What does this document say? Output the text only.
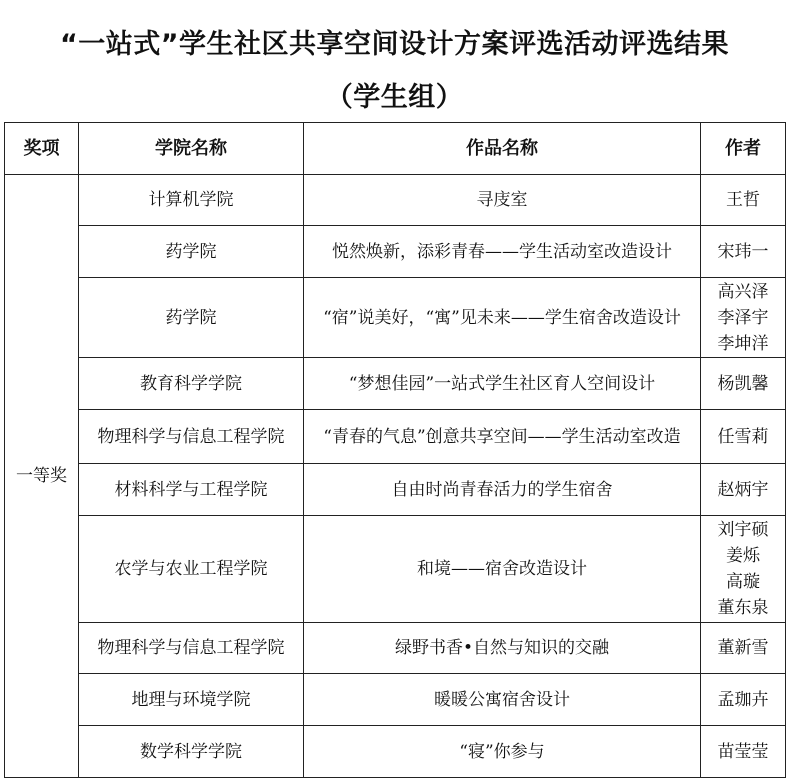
“一站式”学生社区共享空间设计方案评选活动评选结果
（学生组）
奖项	学院名称	作品名称	作者
一等奖	计算机学院	寻庋室	王哲
	药学院	悦然焕新，添彩青春——学生活动室改造设计	宋玮一
	药学院	“宿”说美好，“寓”见未来——学生宿舍改造设计	高兴泽
李泽宇
李坤洋

	教育科学学院	“梦想佳园”一站式学生社区育人空间设计	杨凯馨
	物理科学与信息工程学院	“青春的气息”创意共享空间——学生活动室改造	任雪莉
	材料科学与工程学院	自由时尚青春活力的学生宿舍	赵炳宇
	农学与农业工程学院	和境——宿舍改造设计	刘宇硕
姜烁
高璇
董东泉

	物理科学与信息工程学院	绿野书香•自然与知识的交融	董新雪
	地理与环境学院	暖暖公寓宿舍设计	孟珈卉
	数学科学学院	“寝”你参与	苗莹莹
